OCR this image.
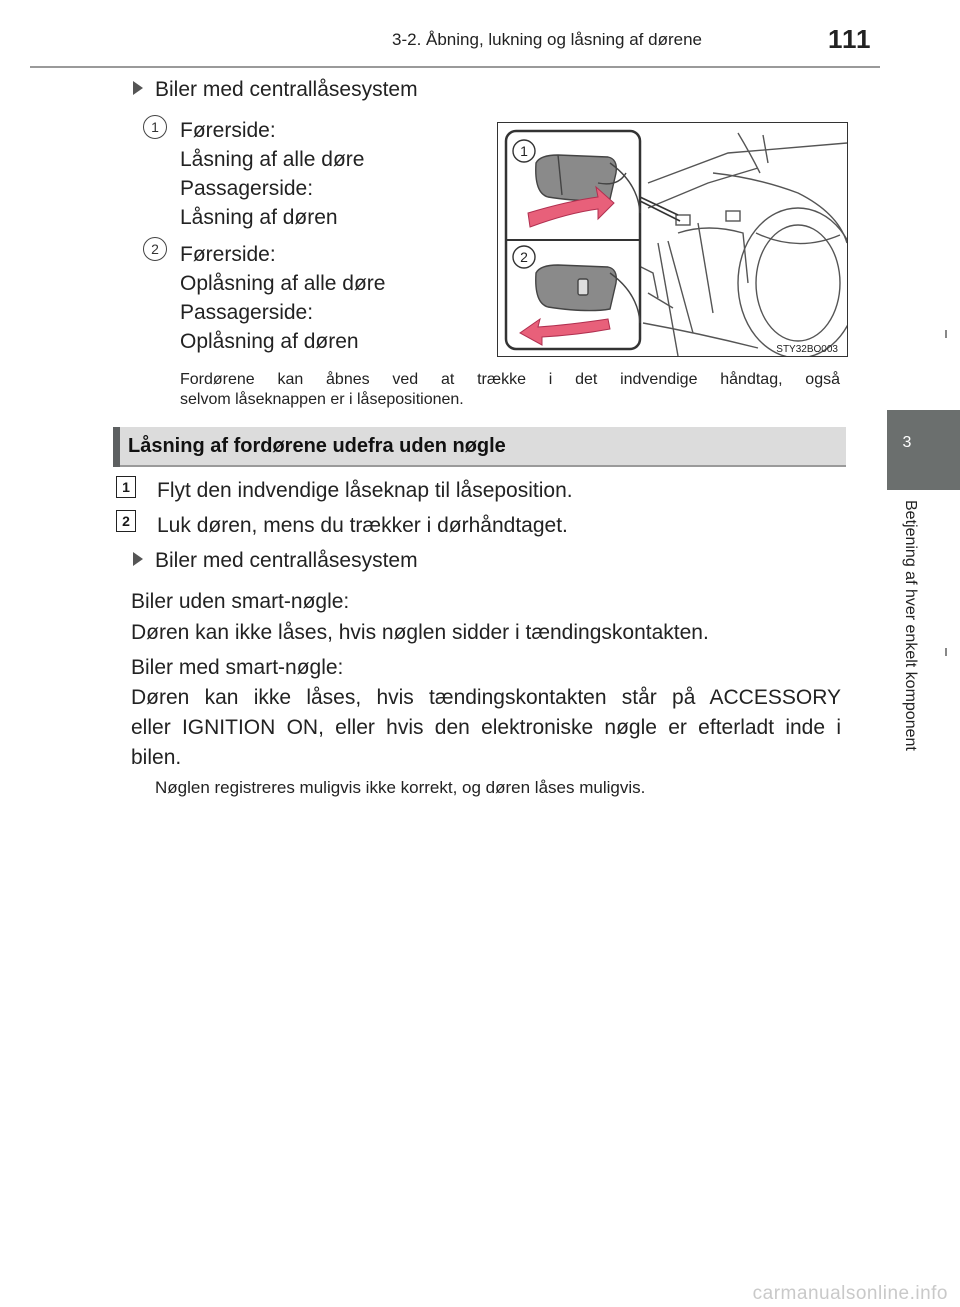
3-2. Åbning, lukning og låsning af dørene	111
3
Betjening af hver enkelt komponent
Biler med centrallåsesystem
1	Førerside:
Låsning af alle døre
Passagerside:
Låsning af døren
2	Førerside:
Oplåsning af alle døre
Passagerside:
Oplåsning af døren
Fordørene kan åbnes ved at trække i det indvendige håndtag, også
selvom låseknappen er i låsepositionen.
1
2
STY32BO003
Låsning af fordørene udefra uden nøgle
1 Flyt den indvendige låseknap til låseposition.
2 Luk døren, mens du trækker i dørhåndtaget.
Biler med centrallåsesystem
Biler uden smart-nøgle:
Døren kan ikke låses, hvis nøglen sidder i tændingskontakten.
Biler med smart-nøgle:
Døren kan ikke låses, hvis tændingskontakten står på ACCESSORY
eller IGNITION ON, eller hvis den elektroniske nøgle er efterladt inde i
bilen.
Nøglen registreres muligvis ikke korrekt, og døren låses muligvis.
carmanualsonline.info
